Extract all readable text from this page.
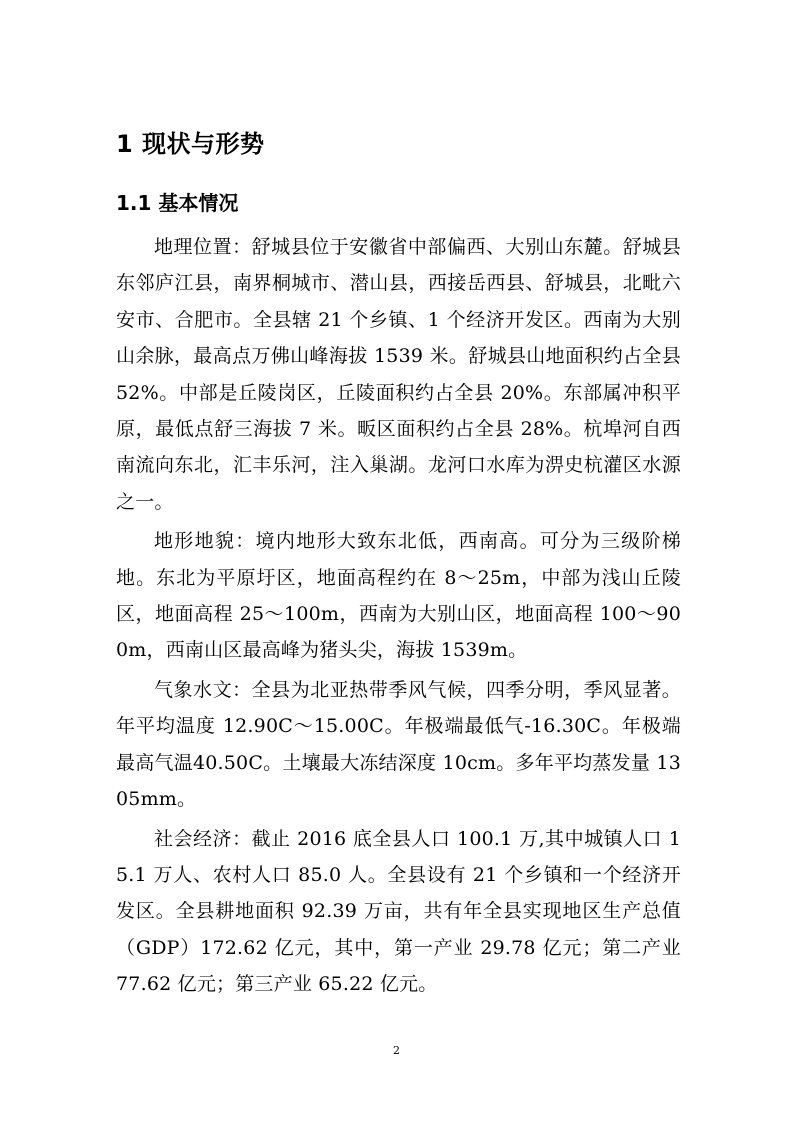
1 现状与形势
1.1 基本情况

地理位置：舒城县位于安徽省中部偏西、大别山东麓。舒城县东邻庐江县，南界桐城市、潜山县，西接岳西县、舒城县，北毗六安市、合肥市。全县辖 21 个乡镇、1 个经济开发区。西南为大别山余脉，最高点万佛山峰海拔 1539 米。舒城县山地面积约占全县 52%。中部是丘陵岗区，丘陵面积约占全县 20%。东部属冲积平原，最低点舒三海拔 7 米。畈区面积约占全县 28%。杭埠河自西南流向东北，汇丰乐河，注入巢湖。龙河口水库为淠史杭灌区水源之一。

地形地貌：境内地形大致东北低，西南高。可分为三级阶梯地。东北为平原圩区，地面高程约在 8～25m，中部为浅山丘陵区，地面高程 25～100m，西南为大别山区，地面高程 100～900m，西南山区最高峰为猪头尖，海拔 1539m。

气象水文：全县为北亚热带季风气候，四季分明，季风显著。年平均温度 12.90C～15.00C。年极端最低气-16.30C。年极端最高气温40.50C。土壤最大冻结深度 10cm。多年平均蒸发量 1305mm。

社会经济：截止 2016 底全县人口 100.1 万,其中城镇人口 15.1 万人、农村人口 85.0 人。全县设有 21 个乡镇和一个经济开发区。全县耕地面积 92.39 万亩，共有年全县实现地区生产总值（GDP）172.62 亿元，其中，第一产业 29.78 亿元；第二产业 77.62 亿元；第三产业 65.22 亿元。

2
